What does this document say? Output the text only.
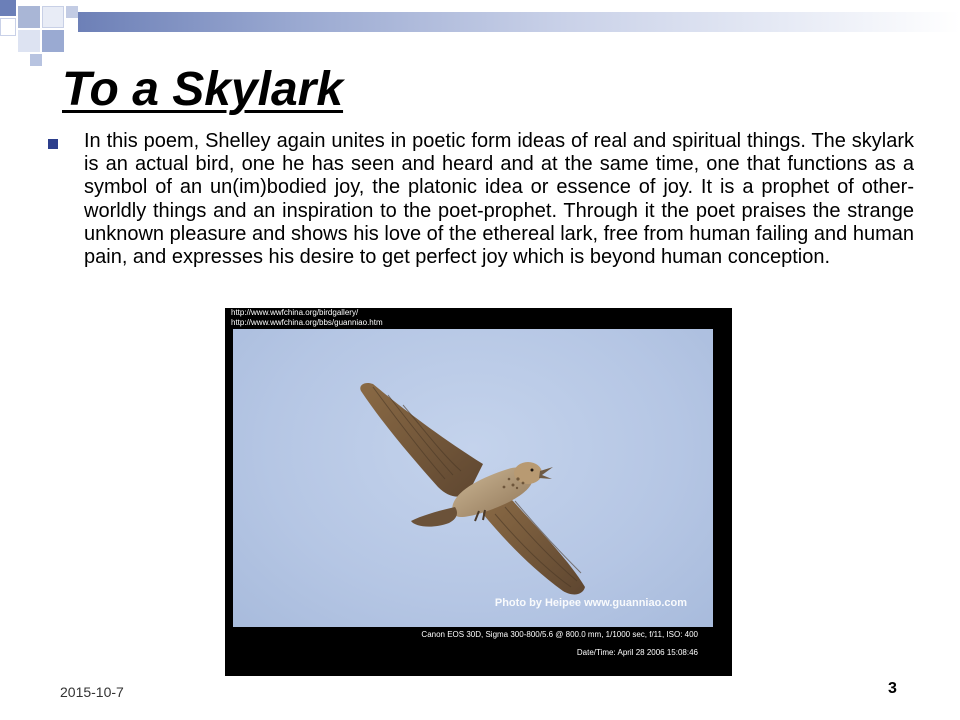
To a Skylark

In this poem, Shelley again unites in poetic form ideas of real and spiritual things. The skylark is an actual bird, one he has seen and heard and at the same time, one that functions as a symbol of an un(im)bodied joy, the platonic idea or essence of joy. It is a prophet of other-worldly things and an inspiration to the poet-prophet. Through it the poet praises the strange unknown pleasure and shows his love of the ethereal lark, free from human failing and human pain, and expresses his desire to get perfect joy which is beyond human conception.

http://www.wwfchina.org/birdgallery/
http://www.wwfchina.org/bbs/guanniao.htm
Photo by Heipee www.guanniao.com
Canon EOS 30D, Sigma 300-800/5.6 @ 800.0 mm, 1/1000 sec, f/11, ISO: 400
Date/Time: April 28 2006 15:08:46
2015-10-7	3
